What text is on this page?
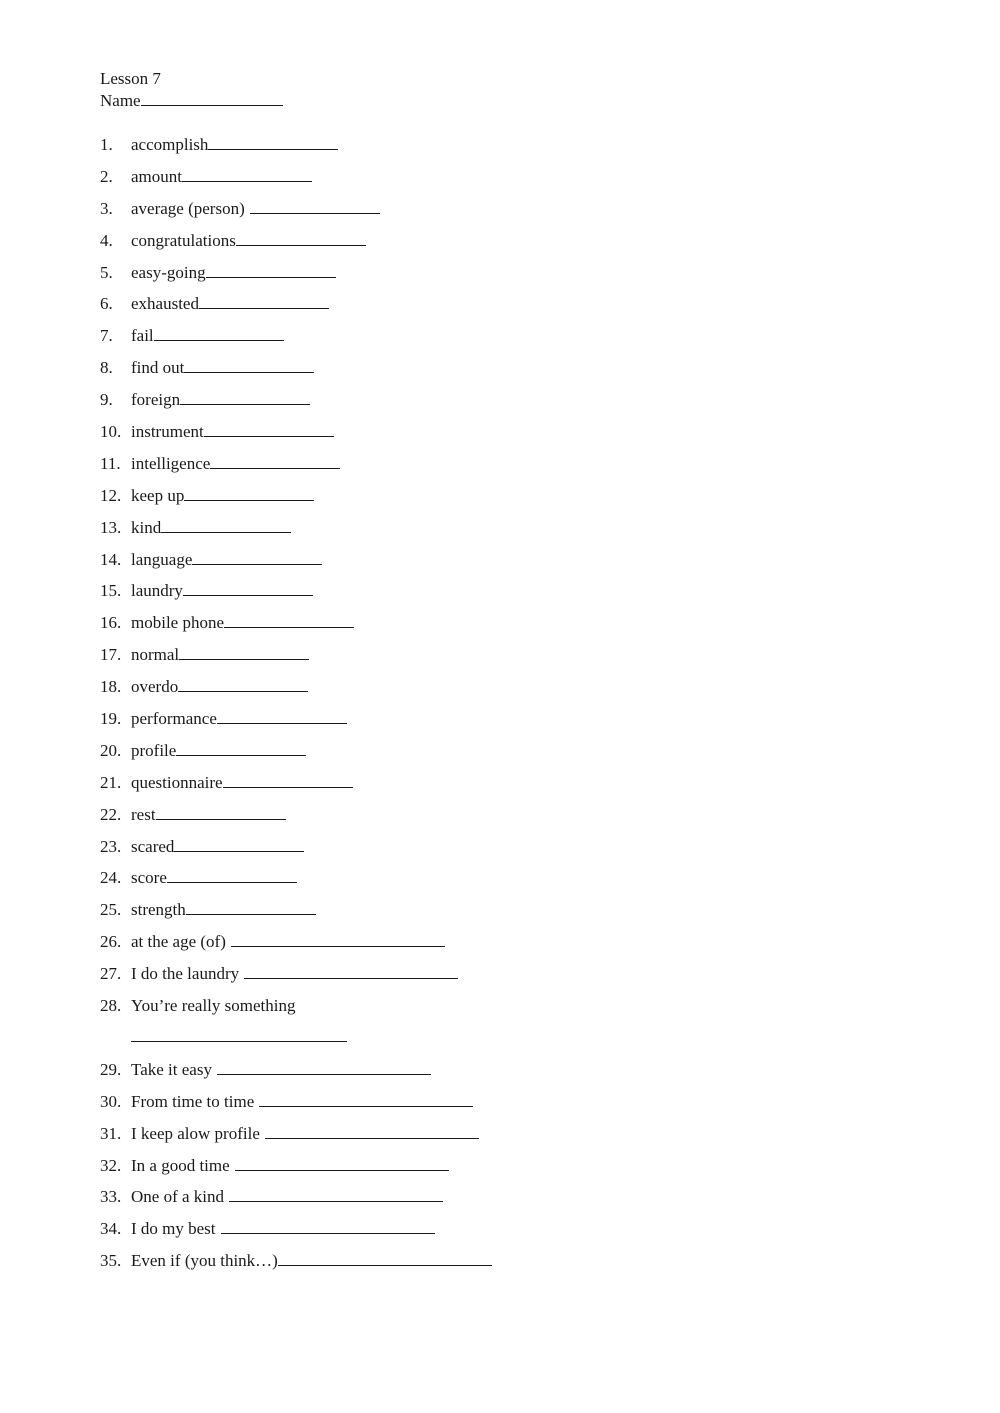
Lesson 7
Name
1. accomplish
2. amount
3. average (person)
4. congratulations
5. easy-going
6. exhausted
7. fail
8. find out
9. foreign
10. instrument
11. intelligence
12. keep up
13. kind
14. language
15. laundry
16. mobile phone
17. normal
18. overdo
19. performance
20. profile
21. questionnaire
22. rest
23. scared
24. score
25. strength
26. at the age (of)
27. I do the laundry
28. You’re really something
29. Take it easy
30. From time to time
31. I keep alow profile
32. In a good time
33. One of a kind
34. I do my best
35. Even if (you think…)
